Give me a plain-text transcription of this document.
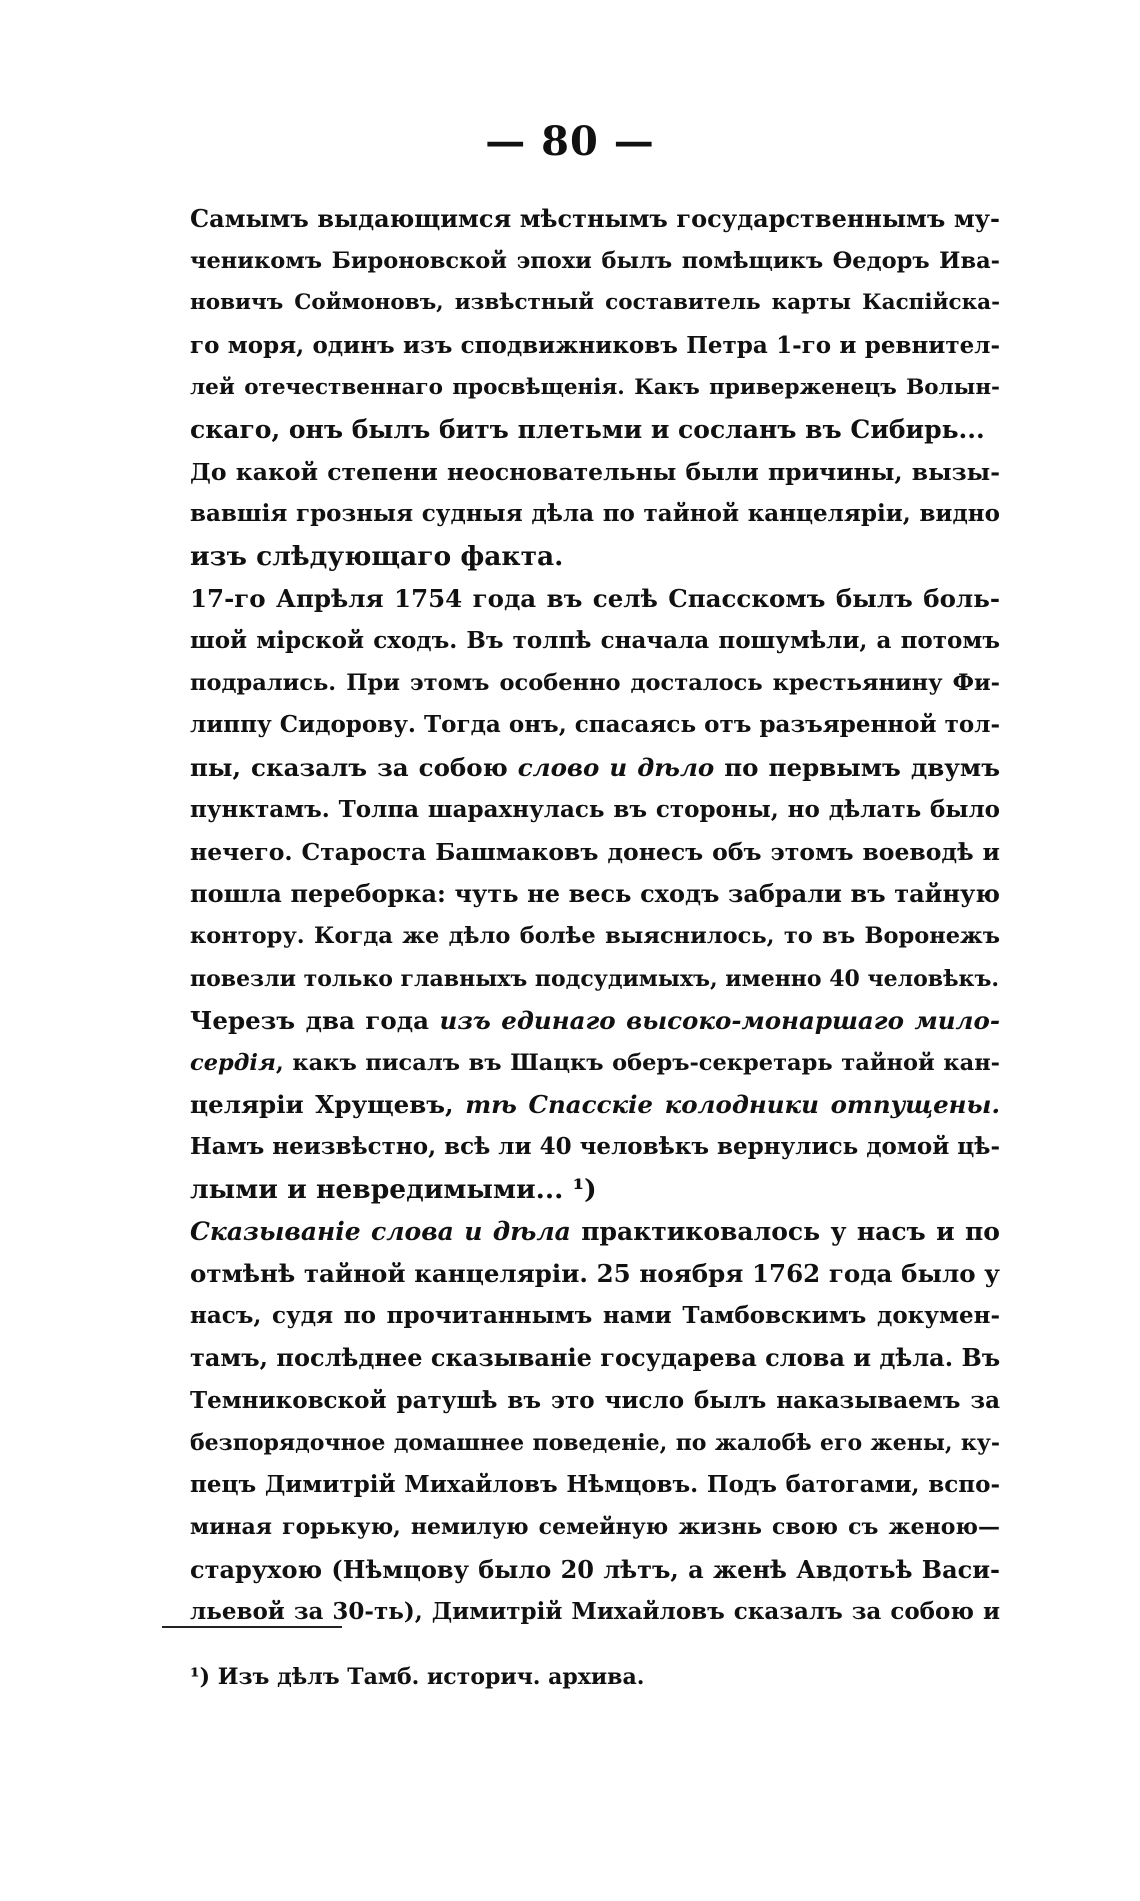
— 80 —

Самымъ выдающимся мѣстнымъ государственнымъ му-
ченикомъ Бироновской эпохи былъ помѣщикъ Ѳедоръ Ива-
новичъ Соймоновъ, извѣстный составитель карты Каспійска-
го моря, одинъ изъ сподвижниковъ Петра 1-го и ревнител-
лей отечественнаго просвѣщенія. Какъ приверженецъ Волын-
скаго, онъ былъ битъ плетьми и сосланъ въ Сибирь...

До какой степени неосновательны были причины, вызы-
вавшія грозныя судныя дѣла по тайной канцеляріи, видно
изъ слѣдующаго факта.

17-го Апрѣля 1754 года въ селѣ Спасскомъ былъ боль-
шой мірской сходъ. Въ толпѣ сначала пошумѣли, а потомъ
подрались. При этомъ особенно досталось крестьянину Фи-
липпу Сидорову. Тогда онъ, спасаясь отъ разъяренной тол-
пы, сказалъ за собою слово и дѣло по первымъ двумъ
пунктамъ. Толпа шарахнулась въ стороны, но дѣлать было
нечего. Староста Башмаковъ донесъ объ этомъ воеводѣ и
пошла переборка: чуть не весь сходъ забрали въ тайную
контору. Когда же дѣло болѣе выяснилось, то въ Воронежъ
повезли только главныхъ подсудимыхъ, именно 40 человѣкъ.

Черезъ два года изъ единаго высоко-монаршаго мило-
сердія, какъ писалъ въ Шацкъ оберъ-секретарь тайной кан-
целяріи Хрущевъ, тѣ Спасскіе колодники отпущены.
Намъ неизвѣстно, всѣ ли 40 человѣкъ вернулись домой цѣ-
лыми и невредимыми... ¹)

Сказываніе слова и дѣла практиковалось у насъ и по
отмѣнѣ тайной канцеляріи. 25 ноября 1762 года было у
насъ, судя по прочитаннымъ нами Тамбовскимъ докумен-
тамъ, послѣднее сказываніе государева слова и дѣла. Въ
Темниковской ратушѣ въ это число былъ наказываемъ за
безпорядочное домашнее поведеніе, по жалобѣ его жены, ку-
пецъ Димитрій Михайловъ Нѣмцовъ. Подъ батогами, вспо-
миная горькую, немилую семейную жизнь свою съ женою—
старухою (Нѣмцову было 20 лѣтъ, а женѣ Авдотьѣ Васи-
льевой за 30-ть), Димитрій Михайловъ сказалъ за собою и

¹) Изъ дѣлъ Тамб. историч. архива.
